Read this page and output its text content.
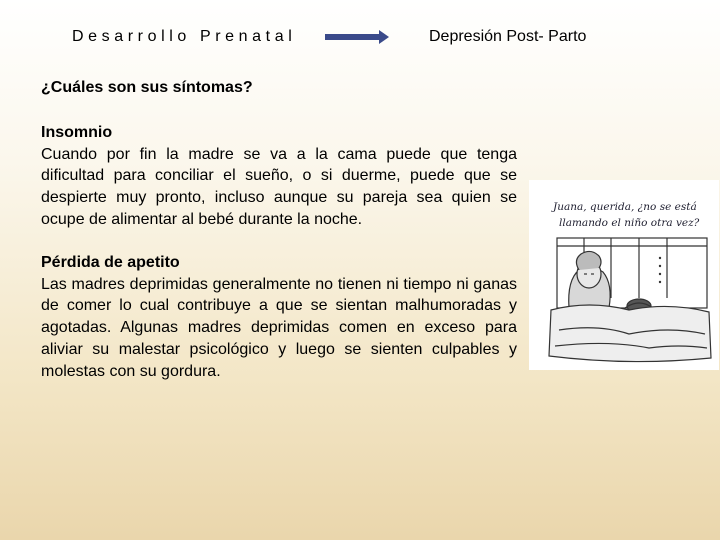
Desarrollo Prenatal	Depresión Post- Parto
¿Cuáles son sus síntomas?
Insomnio

Cuando por fin la madre se va a la cama puede que tenga dificultad para conciliar el sueño, o si duerme, puede que se despierte muy pronto, incluso aunque su pareja sea quien se ocupe de alimentar al bebé durante la noche.

Pérdida de apetito

Las madres deprimidas generalmente no tienen ni tiempo ni ganas de comer lo cual contribuye a que se sientan malhumoradas y agotadas. Algunas madres deprimidas comen en exceso para aliviar su malestar psicológico y luego se sienten culpables y molestas con su gordura.

Juana, querida, ¿no se está
llamando el niño otra vez?
